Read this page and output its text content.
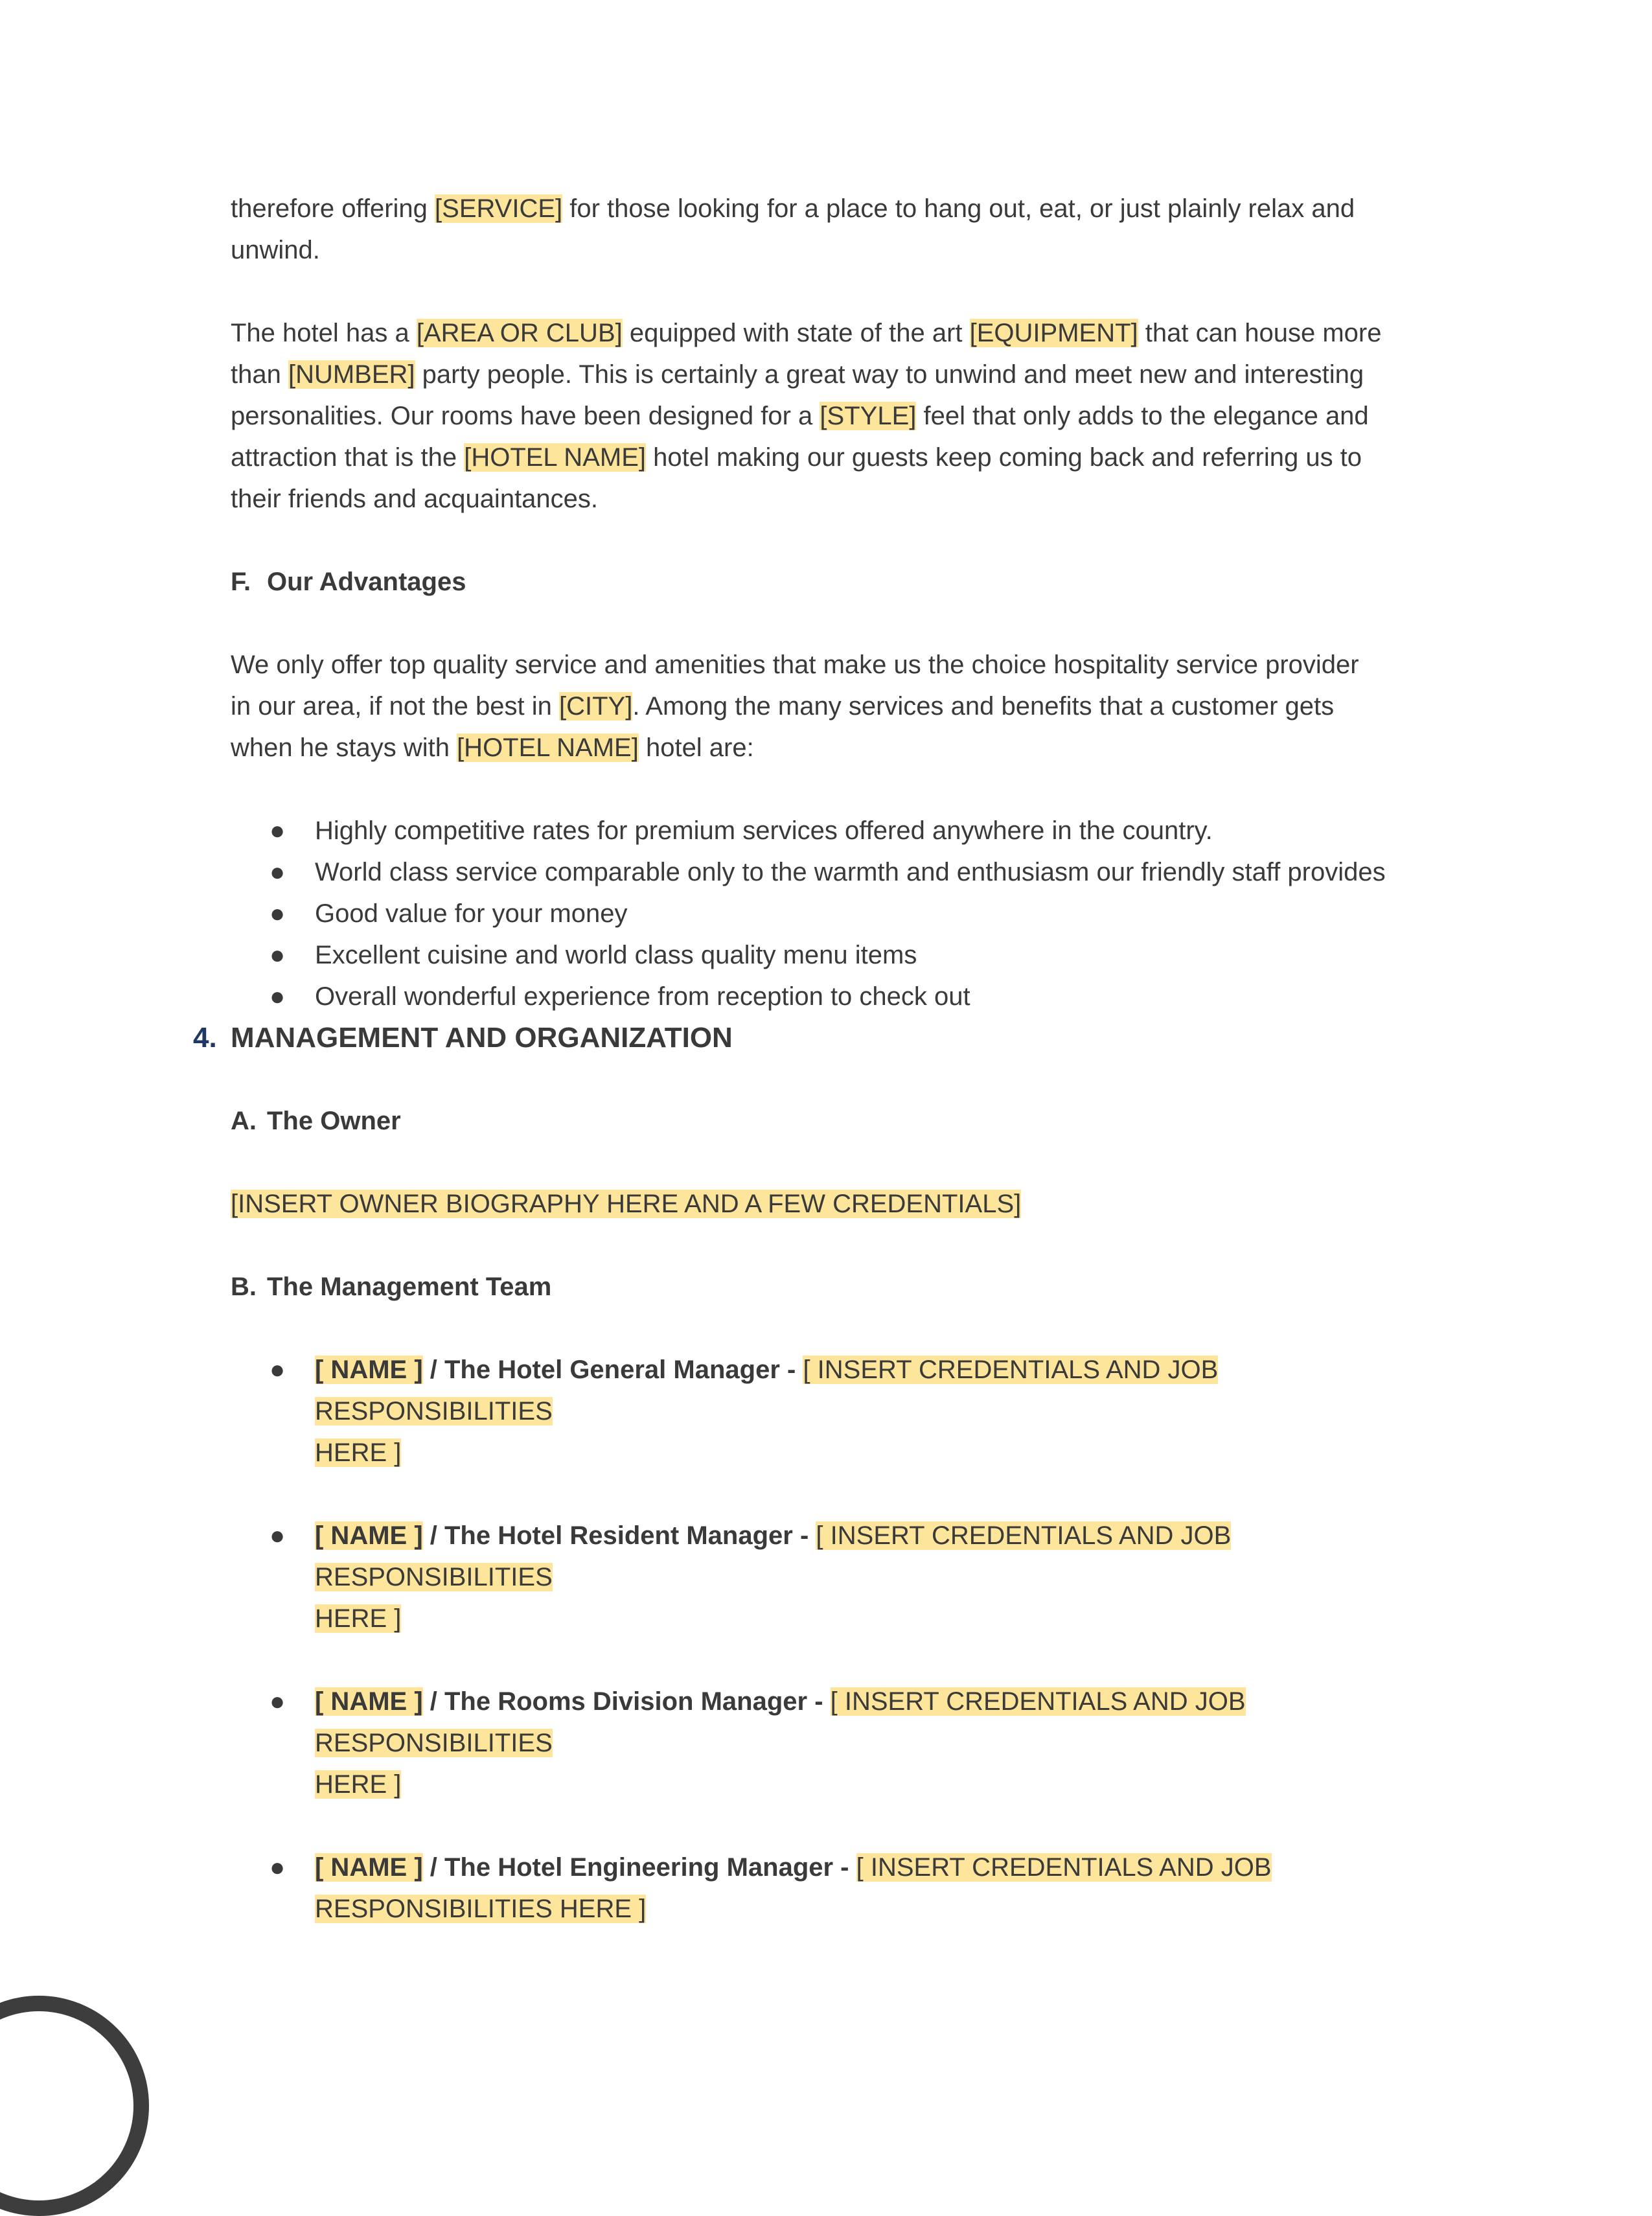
therefore offering [SERVICE] for those looking for a place to hang out, eat, or just plainly relax and
unwind.

The hotel has a [AREA OR CLUB] equipped with state of the art [EQUIPMENT] that can house more
than [NUMBER] party people. This is certainly a great way to unwind and meet new and interesting
personalities. Our rooms have been designed for a [STYLE] feel that only adds to the elegance and
attraction that is the [HOTEL NAME] hotel making our guests keep coming back and referring us to
their friends and acquaintances.

F. Our Advantages

We only offer top quality service and amenities that make us the choice hospitality service provider
in our area, if not the best in [CITY]. Among the many services and benefits that a customer gets
when he stays with [HOTEL NAME] hotel are:

● Highly competitive rates for premium services offered anywhere in the country.
● World class service comparable only to the warmth and enthusiasm our friendly staff provides
● Good value for your money
● Excellent cuisine and world class quality menu items
● Overall wonderful experience from reception to check out

4. MANAGEMENT AND ORGANIZATION

A. The Owner

[INSERT OWNER BIOGRAPHY HERE AND A FEW CREDENTIALS]

B. The Management Team

● [ NAME ] / The Hotel General Manager - [ INSERT CREDENTIALS AND JOB RESPONSIBILITIES
HERE ]
● [ NAME ] / The Hotel Resident Manager - [ INSERT CREDENTIALS AND JOB RESPONSIBILITIES
HERE ]
● [ NAME ] / The Rooms Division Manager - [ INSERT CREDENTIALS AND JOB RESPONSIBILITIES
HERE ]
● [ NAME ] / The Hotel Engineering Manager - [ INSERT CREDENTIALS AND JOB
RESPONSIBILITIES HERE ]
